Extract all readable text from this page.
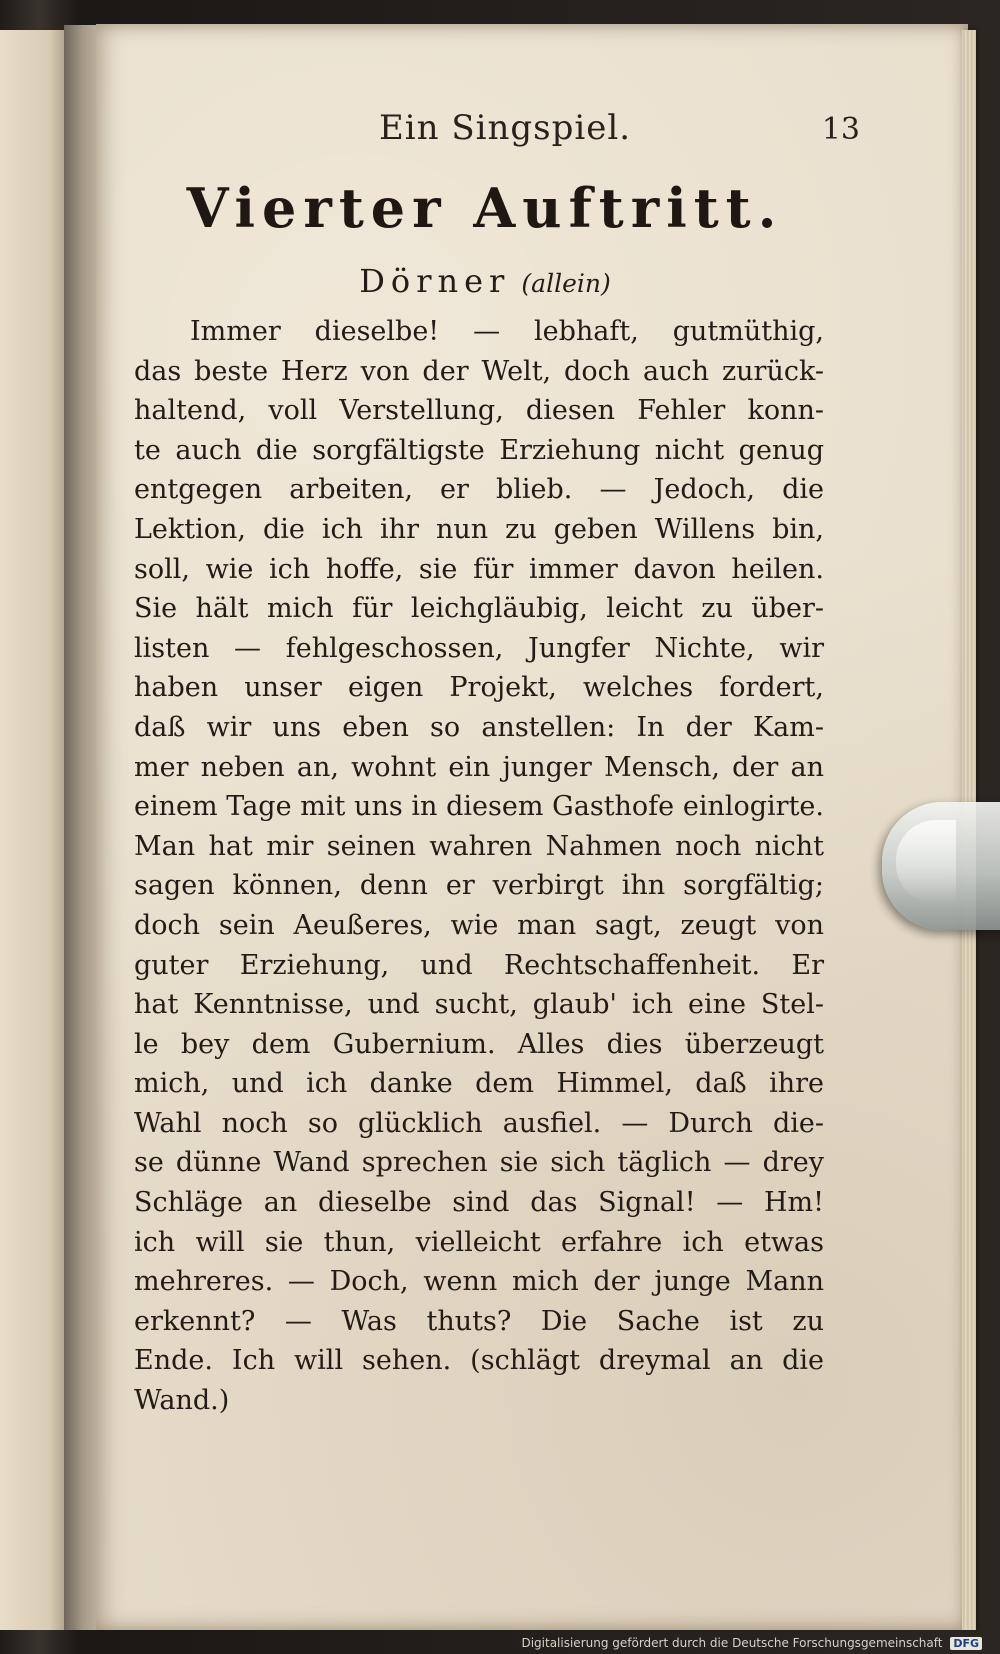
Ein Singspiel.	13
Vierter Auftritt.
Dörner (allein)
Immer dieselbe! — lebhaft, gutmüthig,
das beste Herz von der Welt, doch auch zurück-
haltend, voll Verstellung, diesen Fehler konn-
te auch die sorgfältigste Erziehung nicht genug
entgegen arbeiten, er blieb. — Jedoch, die
Lektion, die ich ihr nun zu geben Willens bin,
soll, wie ich hoffe, sie für immer davon heilen.
Sie hält mich für leichgläubig, leicht zu über-
listen — fehlgeschossen, Jungfer Nichte, wir
haben unser eigen Projekt, welches fordert,
daß wir uns eben so anstellen: In der Kam-
mer neben an, wohnt ein junger Mensch, der an
einem Tage mit uns in diesem Gasthofe einlogirte.
Man hat mir seinen wahren Nahmen noch nicht
sagen können, denn er verbirgt ihn sorgfältig;
doch sein Aeußeres, wie man sagt, zeugt von
guter Erziehung, und Rechtschaffenheit. Er
hat Kenntnisse, und sucht, glaub' ich eine Stel-
le bey dem Gubernium. Alles dies überzeugt
mich, und ich danke dem Himmel, daß ihre
Wahl noch so glücklich ausfiel. — Durch die-
se dünne Wand sprechen sie sich täglich — drey
Schläge an dieselbe sind das Signal! — Hm!
ich will sie thun, vielleicht erfahre ich etwas
mehreres. — Doch, wenn mich der junge Mann
erkennt? — Was thuts? Die Sache ist zu
Ende. Ich will sehen. (schlägt dreymal an die
Wand.)
Digitalisierung gefördert durch die Deutsche Forschungsgemeinschaft DFG
